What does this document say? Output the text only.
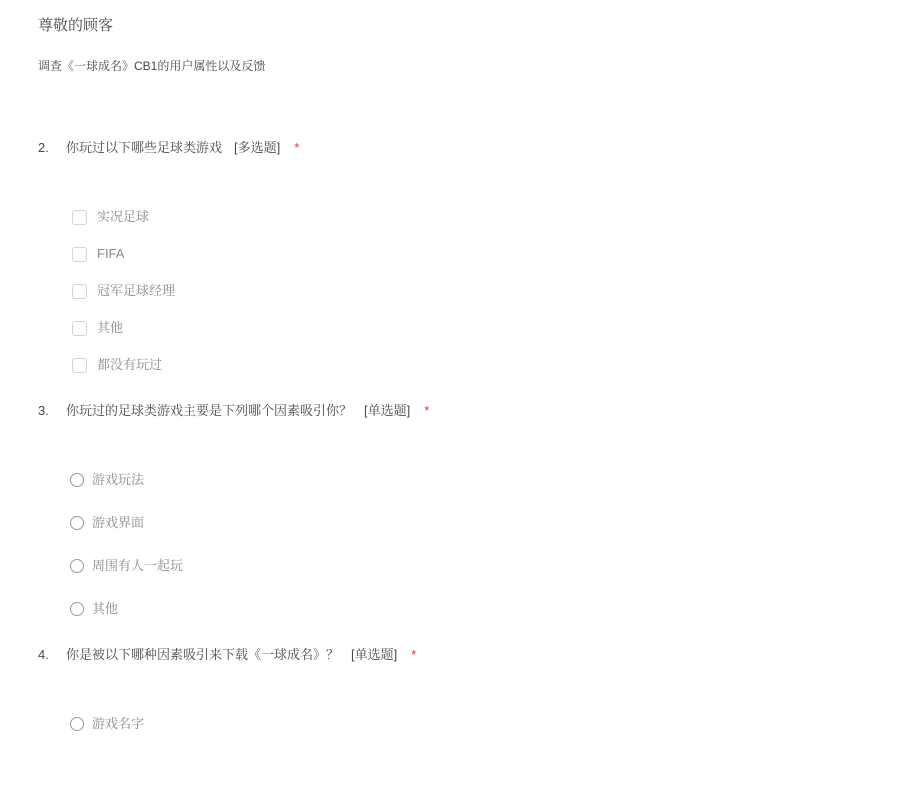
尊敬的顾客

调查《一球成名》CB1的用户属性以及反馈

2. 你玩过以下哪些足球类游戏 [多选题] *
实况足球
FIFA
冠军足球经理
其他
都没有玩过
3. 你玩过的足球类游戏主要是下列哪个因素吸引你？ [单选题] *
游戏玩法
游戏界面
周围有人一起玩
其他
4. 你是被以下哪种因素吸引来下载《一球成名》？ [单选题] *
游戏名字
